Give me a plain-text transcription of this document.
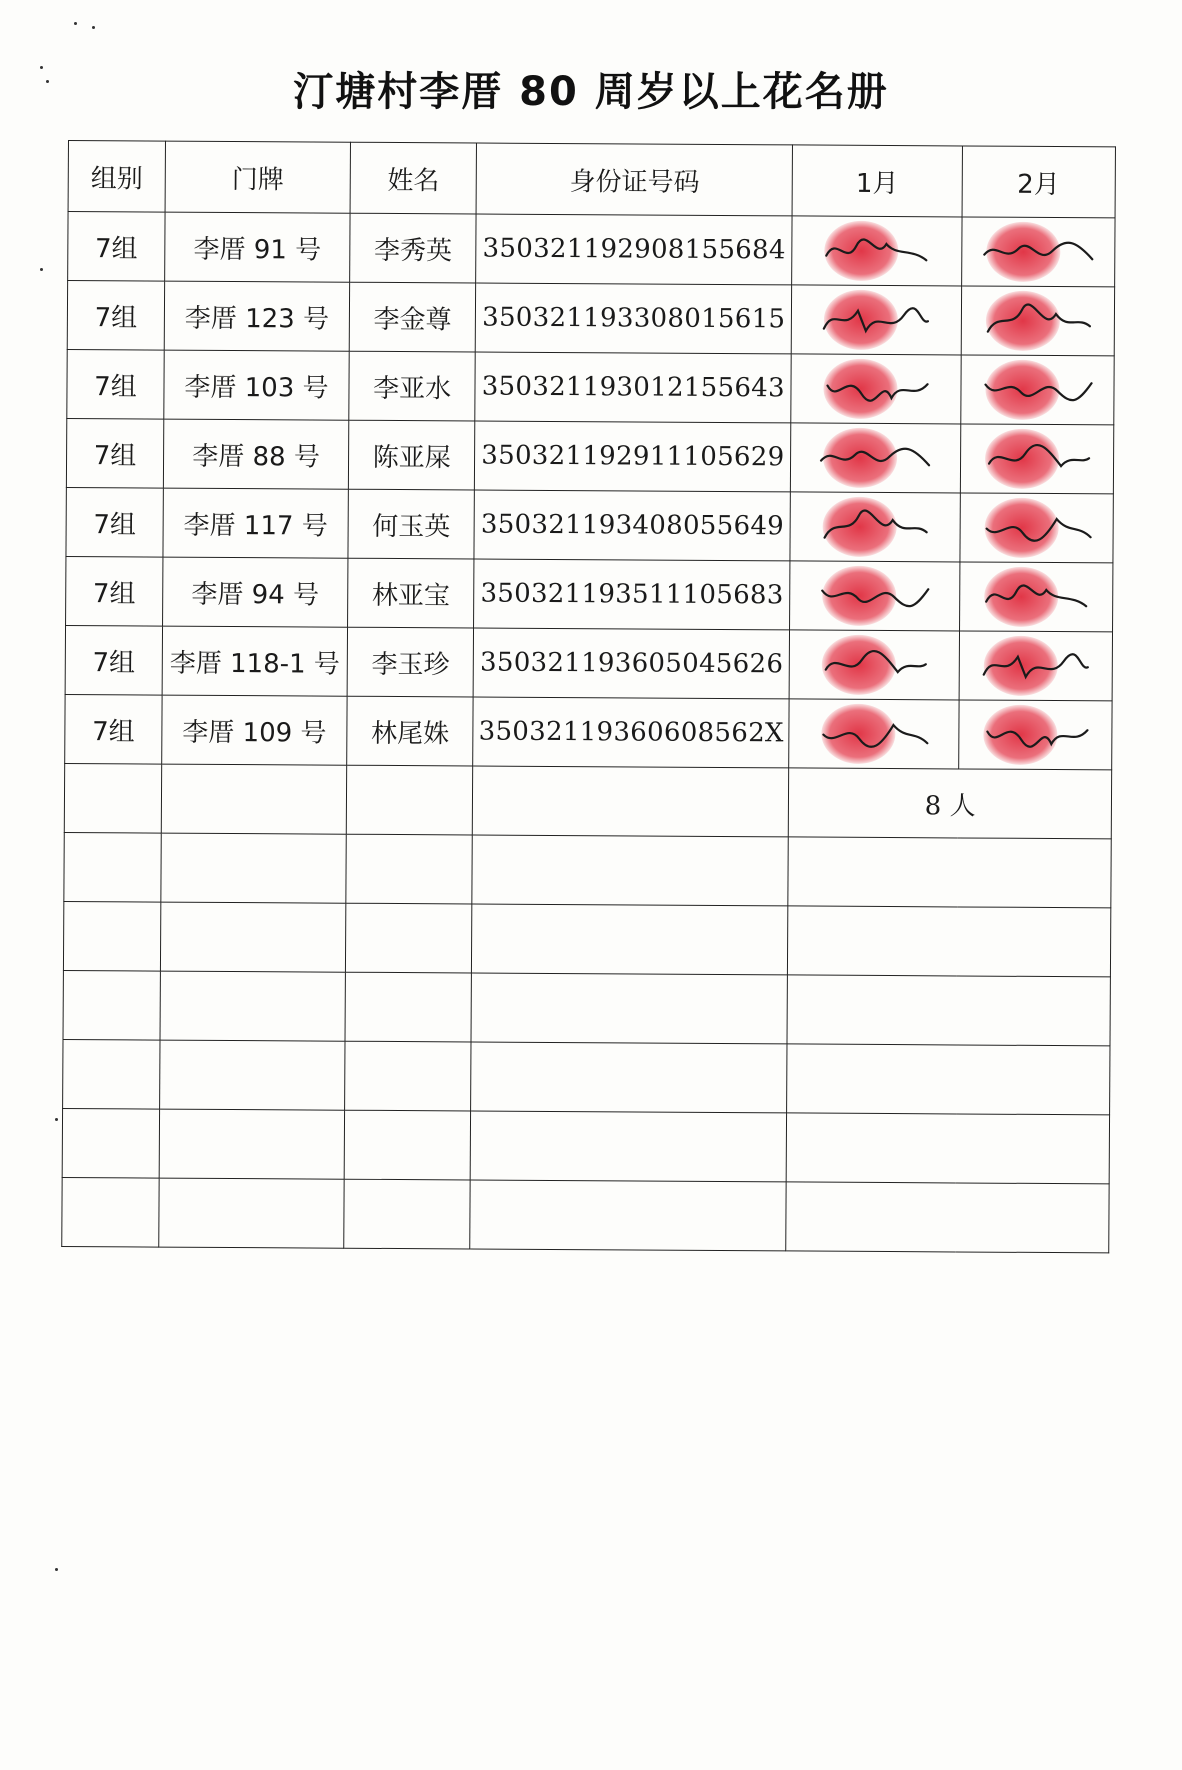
汀塘村李厝 80 周岁以上花名册
组别	门牌	姓名	身份证号码	1月	2月
7组	李厝 91 号	李秀英	350321192908155684	

7组	李厝 123 号	李金尊	350321193308015615	

7组	李厝 103 号	李亚水	350321193012155643	

7组	李厝 88 号	陈亚屎	350321192911105629	

7组	李厝 117 号	何玉英	350321193408055649	

7组	李厝 94 号	林亚宝	350321193511105683	

7组	李厝 118-1 号	李玉珍	350321193605045626	

7组	李厝 109 号	林尾姝	35032119360608562X	

				8 人	
